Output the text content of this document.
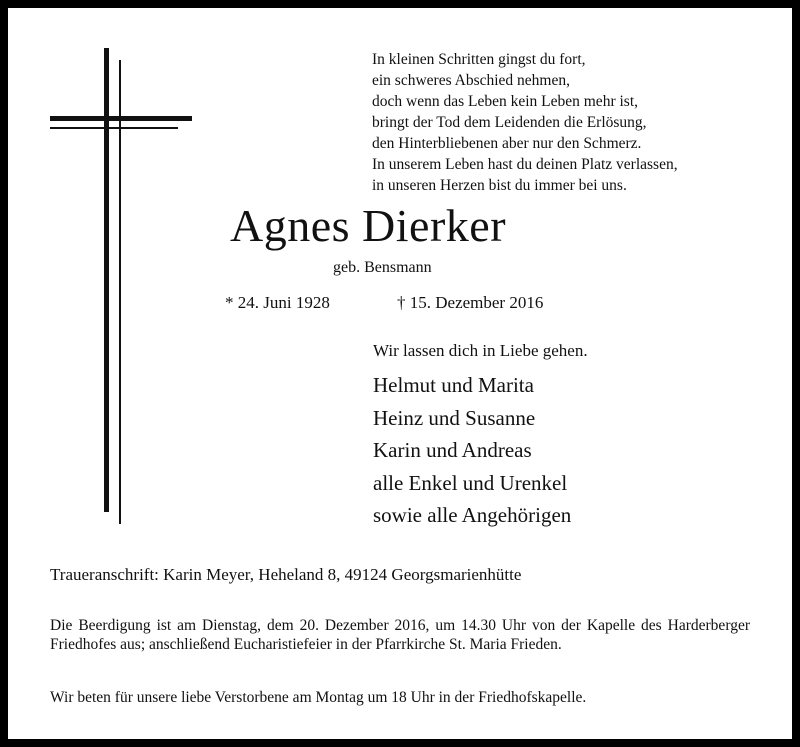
In kleinen Schritten gingst du fort,
ein schweres Abschied nehmen,
doch wenn das Leben kein Leben mehr ist,
bringt der Tod dem Leidenden die Erlösung,
den Hinterbliebenen aber nur den Schmerz.
In unserem Leben hast du deinen Platz verlassen,
in unseren Herzen bist du immer bei uns.
Agnes Dierker
geb. Bensmann
* 24. Juni 1928	† 15. Dezember 2016
Wir lassen dich in Liebe gehen.
Helmut und Marita
Heinz und Susanne
Karin und Andreas
alle Enkel und Urenkel
sowie alle Angehörigen
Traueranschrift: Karin Meyer, Heheland 8, 49124 Georgsmarienhütte

Die Beerdigung ist am Dienstag, dem 20. Dezember 2016, um 14.30 Uhr von der Kapelle des Harderberger Friedhofes aus; anschließend Eucharistiefeier in der Pfarrkirche St. Maria Frieden.

Wir beten für unsere liebe Verstorbene am Montag um 18 Uhr in der Friedhofskapelle.
